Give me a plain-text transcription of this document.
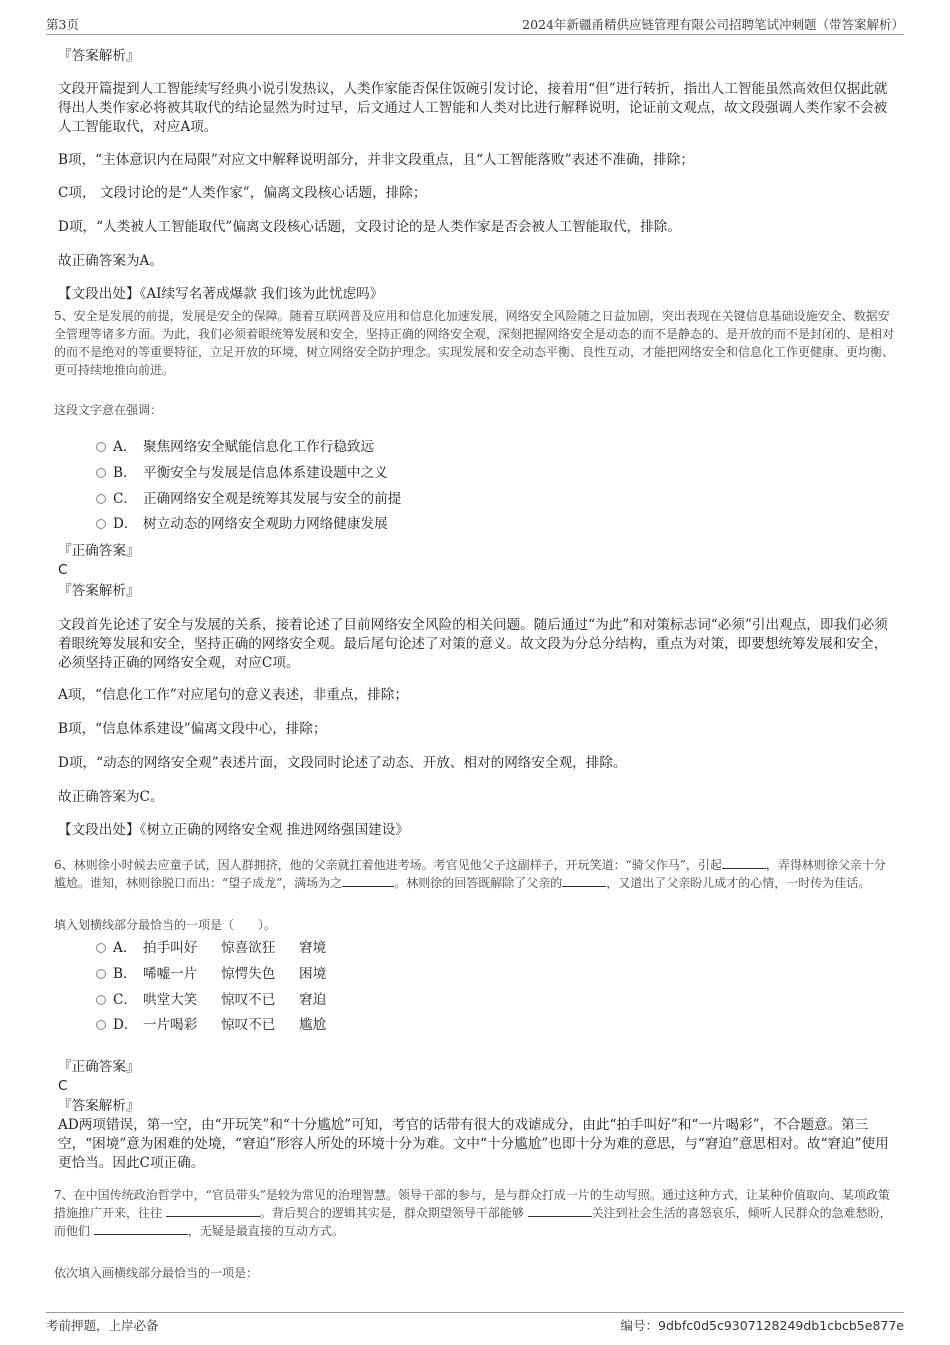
第3页	2024年新疆甬精供应链管理有限公司招聘笔试冲刺题（带答案解析）
『答案解析』

文段开篇提到人工智能续写经典小说引发热议，人类作家能否保住饭碗引发讨论，接着用“但”进行转折，指出人工智能虽然高效但仅据此就得出人类作家必将被其取代的结论显然为时过早，后文通过人工智能和人类对比进行解释说明，论证前文观点，故文段强调人类作家不会被人工智能取代，对应A项。

B项，“主体意识内在局限”对应文中解释说明部分，并非文段重点，且“人工智能落败”表述不准确，排除；

C项， 文段讨论的是“人类作家”，偏离文段核心话题，排除；

D项，“人类被人工智能取代”偏离文段核心话题，文段讨论的是人类作家是否会被人工智能取代，排除。

故正确答案为A。

【文段出处】《AI续写名著成爆款 我们该为此忧虑吗》

5、安全是发展的前提，发展是安全的保障。随着互联网普及应用和信息化加速发展，网络安全风险随之日益加剧，突出表现在关键信息基础设施安全、数据安全管理等诸多方面。为此，我们必须着眼统筹发展和安全，坚持正确的网络安全观，深刻把握网络安全是动态的而不是静态的、是开放的而不是封闭的、是相对的而不是绝对的等重要特征，立足开放的环境，树立网络安全防护理念。实现发展和安全动态平衡、良性互动，才能把网络安全和信息化工作更健康、更均衡、更可持续地推向前进。

这段文字意在强调：

A． 聚焦网络安全赋能信息化工作行稳致远
B． 平衡安全与发展是信息体系建设题中之义
C． 正确网络安全观是统筹其发展与安全的前提
D． 树立动态的网络安全观助力网络健康发展
『正确答案』
C
『答案解析』

文段首先论述了安全与发展的关系，接着论述了目前网络安全风险的相关问题。随后通过“为此”和对策标志词“必须”引出观点，即我们必须着眼统筹发展和安全，坚持正确的网络安全观。最后尾句论述了对策的意义。故文段为分总分结构，重点为对策，即要想统筹发展和安全，必须坚持正确的网络安全观，对应C项。

A项，“信息化工作”对应尾句的意义表述，非重点，排除；

B项，“信息体系建设”偏离文段中心，排除；

D项，“动态的网络安全观”表述片面，文段同时论述了动态、开放、相对的网络安全观，排除。

故正确答案为C。

【文段出处】《树立正确的网络安全观 推进网络强国建设》

6、林则徐小时候去应童子试，因人群拥挤，他的父亲就扛着他进考场。考官见他父子这副样子，开玩笑道：“骑父作马”，引起	，弄得林则徐父亲十分尴尬。谁知，林则徐脱口而出：“望子成龙”，满场为之	。林则徐的回答既解除了父亲的	，又道出了父亲盼儿成才的心情，一时传为佳话。

填入划横线部分最恰当的一项是（　　）。

A． 拍手叫好 惊喜欲狂 窘境
B． 唏嘘一片 惊愕失色 困境
C． 哄堂大笑 惊叹不已 窘迫
D． 一片喝彩 惊叹不已 尴尬
『正确答案』
C
『答案解析』

AD两项错误，第一空，由“开玩笑”和“十分尴尬”可知，考官的话带有很大的戏谑成分，由此“拍手叫好”和“一片喝彩”，不合题意。第三空，“困境”意为困难的处境，“窘迫”形容人所处的环境十分为难。文中“十分尴尬”也即十分为难的意思，与“窘迫”意思相对。故“窘迫”使用更恰当。因此C项正确。

7、在中国传统政治哲学中，“官员带头”是较为常见的治理智慧。领导干部的参与，是与群众打成一片的生动写照。通过这种方式，让某种价值取向、某项政策措施推广开来，往往	。背后契合的逻辑其实是，群众期望领导干部能够	关注到社会生活的喜怒哀乐，倾听人民群众的急难愁盼，而他们	，无疑是最直接的互动方式。

依次填入画横线部分最恰当的一项是：

考前押题，上岸必备	编号：9dbfc0d5c9307128249db1cbcb5e877e
